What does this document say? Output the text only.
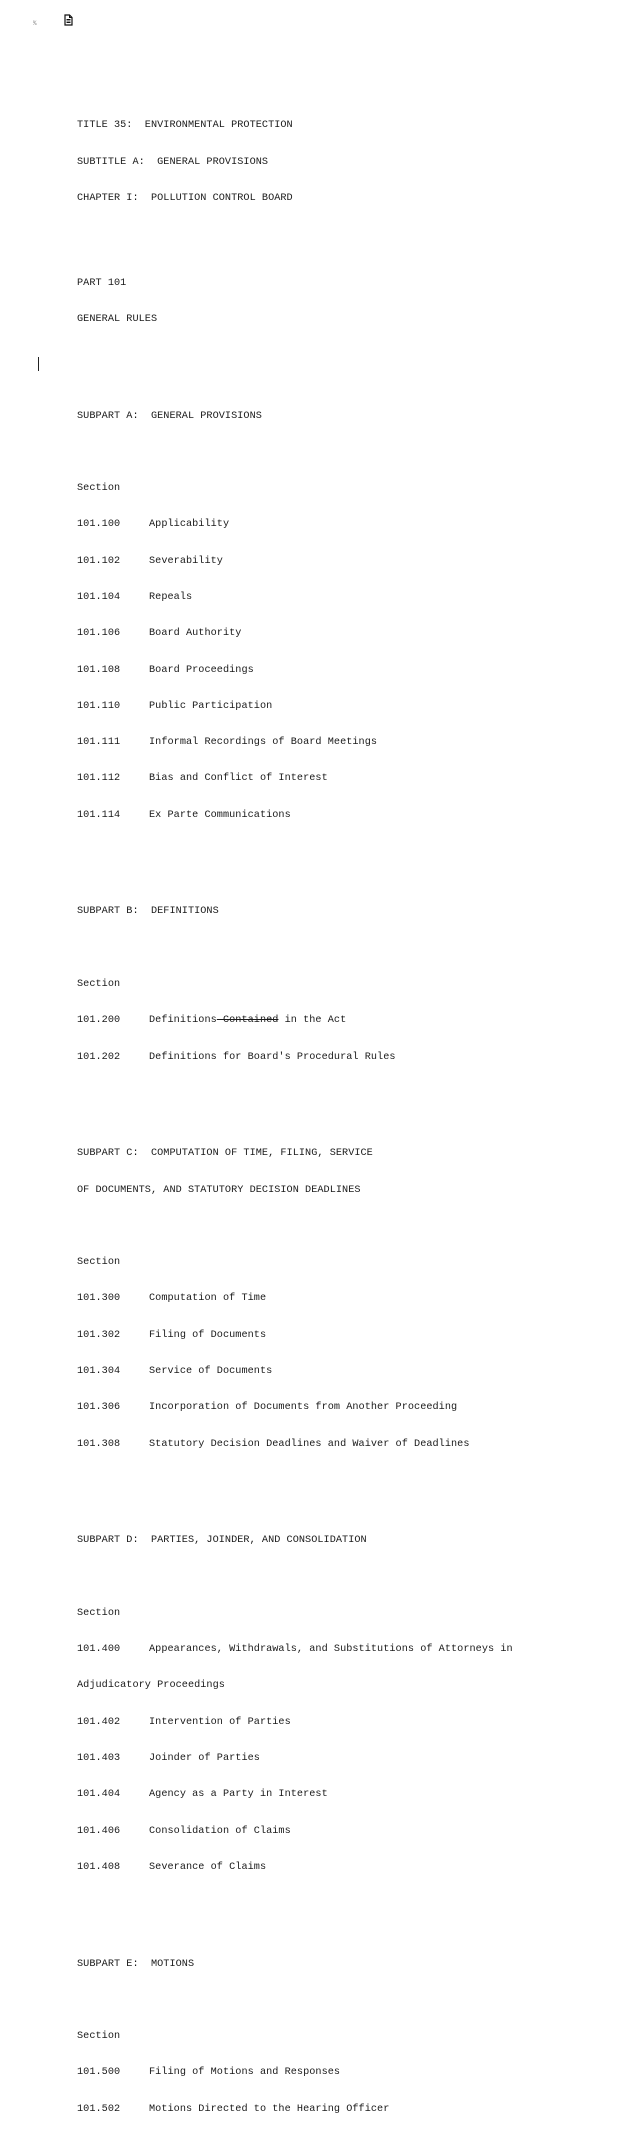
%

TITLE 35:  ENVIRONMENTAL PROTECTION

SUBTITLE A:  GENERAL PROVISIONS

CHAPTER I:  POLLUTION CONTROL BOARD

PART 101

GENERAL RULES

SUBPART A:  GENERAL PROVISIONS

Section

101.100	Applicability

101.102	Severability

101.104	Repeals

101.106	Board Authority

101.108	Board Proceedings

101.110	Public Participation

101.111	Informal Recordings of Board Meetings

101.112	Bias and Conflict of Interest

101.114	Ex Parte Communications

SUBPART B:  DEFINITIONS

Section

101.200	Definitions Contained in the Act

101.202	Definitions for Board's Procedural Rules

SUBPART C:  COMPUTATION OF TIME, FILING, SERVICE

OF DOCUMENTS, AND STATUTORY DECISION DEADLINES

Section

101.300	Computation of Time

101.302	Filing of Documents

101.304	Service of Documents

101.306	Incorporation of Documents from Another Proceeding

101.308	Statutory Decision Deadlines and Waiver of Deadlines

SUBPART D:  PARTIES, JOINDER, AND CONSOLIDATION

Section

101.400	Appearances, Withdrawals, and Substitutions of Attorneys in

Adjudicatory Proceedings

101.402	Intervention of Parties

101.403	Joinder of Parties

101.404	Agency as a Party in Interest

101.406	Consolidation of Claims

101.408	Severance of Claims

SUBPART E:  MOTIONS

Section

101.500	Filing of Motions and Responses

101.502	Motions Directed to the Hearing Officer
